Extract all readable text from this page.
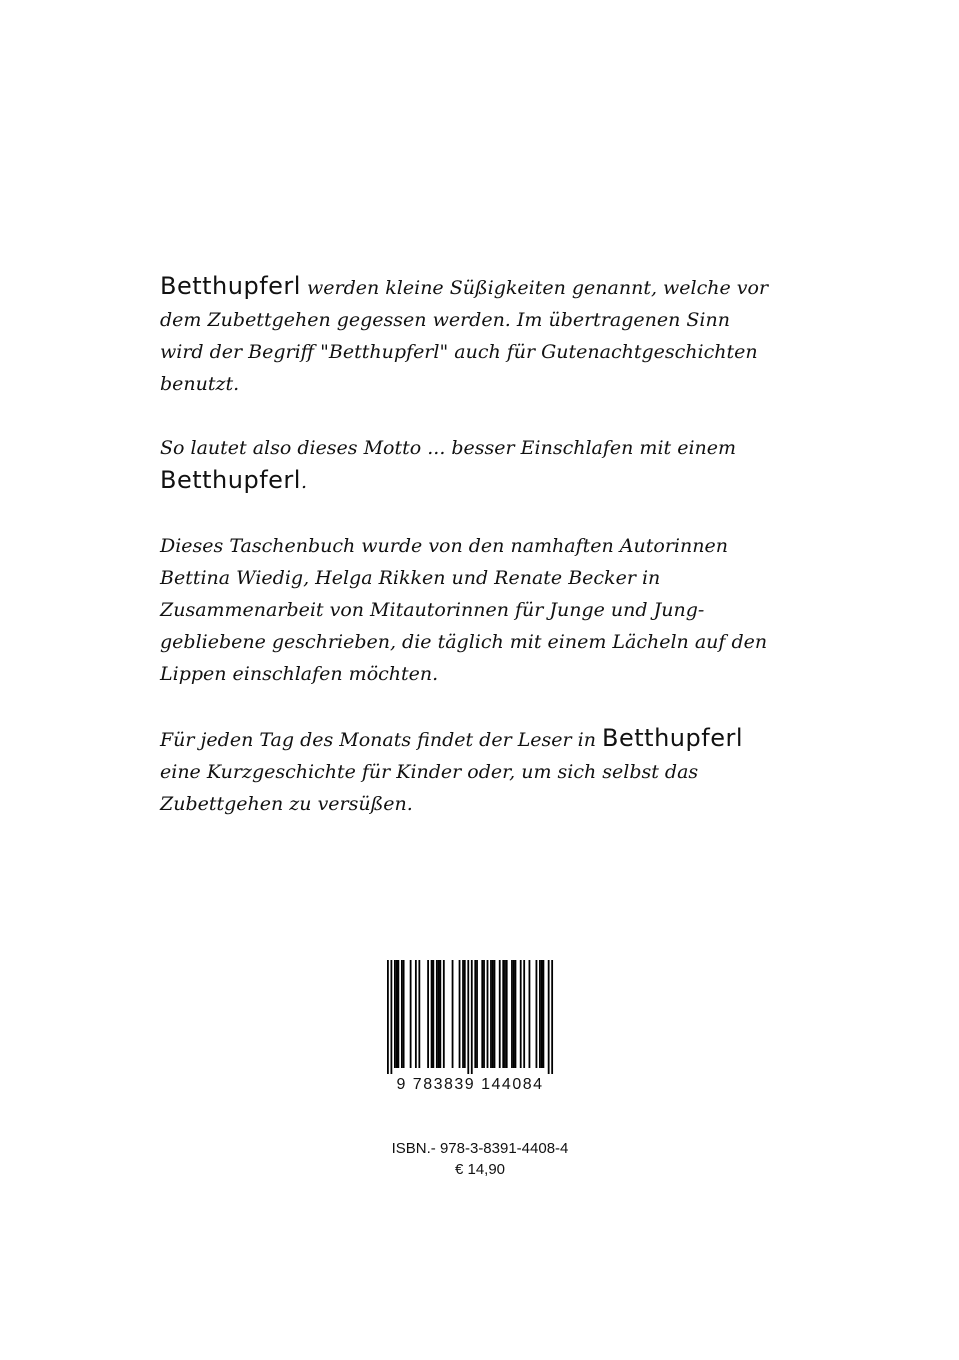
Betthupferl werden kleine Süßigkeiten genannt, welche vor
dem Zubettgehen gegessen werden. Im übertragenen Sinn
wird der Begriff "Betthupferl" auch für Gutenachtgeschichten
benutzt.

So lautet also dieses Motto ... besser Einschlafen mit einem
Betthupferl.

Dieses Taschenbuch wurde von den namhaften Autorinnen
Bettina Wiedig, Helga Rikken und Renate Becker in
Zusammenarbeit von Mitautorinnen für Junge und Jung-
gebliebene geschrieben, die täglich mit einem Lächeln auf den
Lippen einschlafen möchten.

Für jeden Tag des Monats findet der Leser in Betthupferl
eine Kurzgeschichte für Kinder oder, um sich selbst das
Zubettgehen zu versüßen.

9 783839 144084
ISBN.- 978-3-8391-4408-4
€ 14,90
